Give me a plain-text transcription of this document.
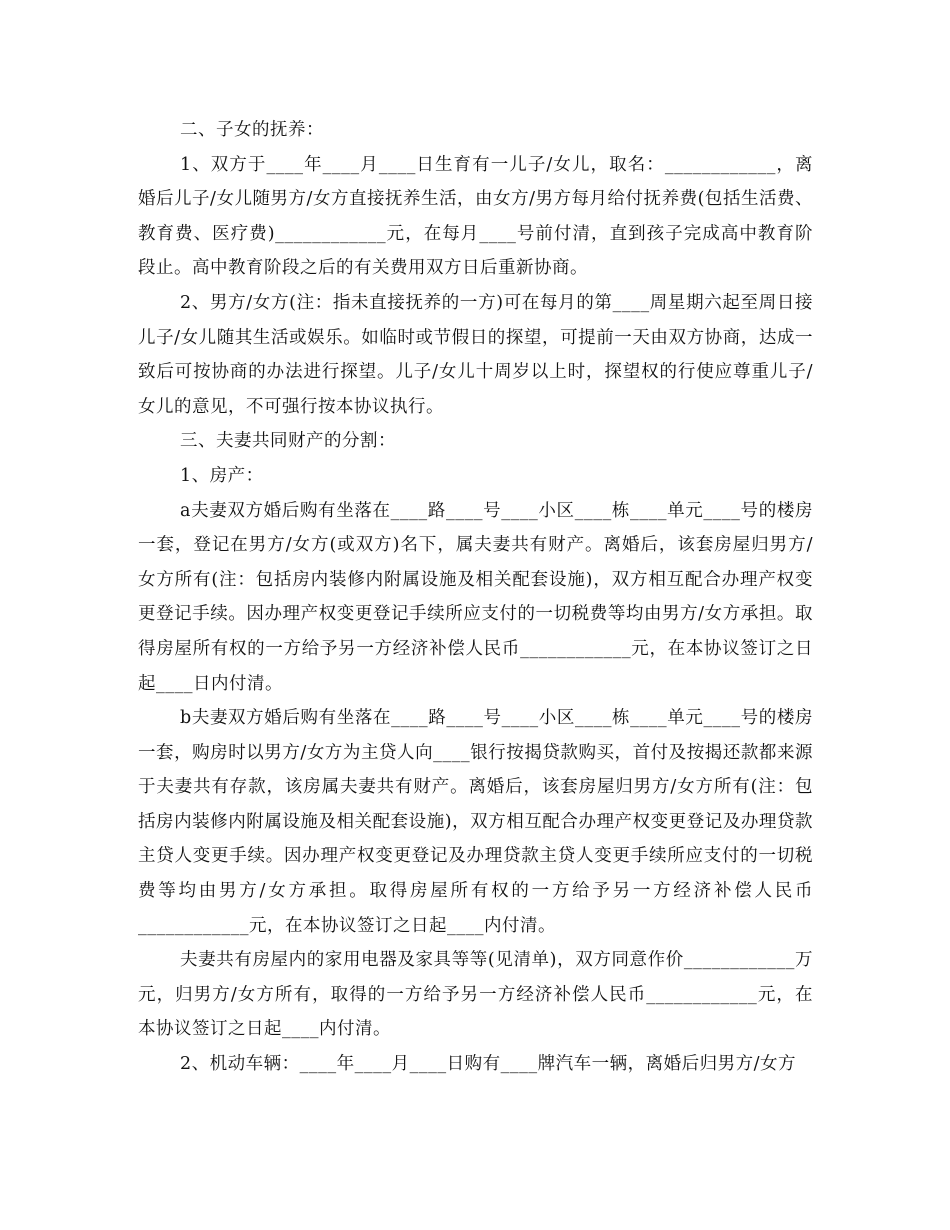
二、子女的抚养：

1、双方于____年____月____日生育有一儿子/女儿，取名：____________，离婚后儿子/女儿随男方/女方直接抚养生活，由女方/男方每月给付抚养费(包括生活费、教育费、医疗费)____________元，在每月____号前付清，直到孩子完成高中教育阶段止。高中教育阶段之后的有关费用双方日后重新协商。

2、男方/女方(注：指未直接抚养的一方)可在每月的第____周星期六起至周日接儿子/女儿随其生活或娱乐。如临时或节假日的探望，可提前一天由双方协商，达成一致后可按协商的办法进行探望。儿子/女儿十周岁以上时，探望权的行使应尊重儿子/女儿的意见，不可强行按本协议执行。

三、夫妻共同财产的分割：

1、房产：

a夫妻双方婚后购有坐落在____路____号____小区____栋____单元____号的楼房一套，登记在男方/女方(或双方)名下，属夫妻共有财产。离婚后，该套房屋归男方/女方所有(注：包括房内装修内附属设施及相关配套设施)，双方相互配合办理产权变更登记手续。因办理产权变更登记手续所应支付的一切税费等均由男方/女方承担。取得房屋所有权的一方给予另一方经济补偿人民币____________元，在本协议签订之日起____日内付清。

b夫妻双方婚后购有坐落在____路____号____小区____栋____单元____号的楼房一套，购房时以男方/女方为主贷人向____银行按揭贷款购买，首付及按揭还款都来源于夫妻共有存款，该房属夫妻共有财产。离婚后，该套房屋归男方/女方所有(注：包括房内装修内附属设施及相关配套设施)，双方相互配合办理产权变更登记及办理贷款主贷人变更手续。因办理产权变更登记及办理贷款主贷人变更手续所应支付的一切税费等均由男方/女方承担。取得房屋所有权的一方给予另一方经济补偿人民币____________元，在本协议签订之日起____内付清。

夫妻共有房屋内的家用电器及家具等等(见清单)，双方同意作价____________万元，归男方/女方所有，取得的一方给予另一方经济补偿人民币____________元，在本协议签订之日起____内付清。

2、机动车辆：____年____月____日购有____牌汽车一辆，离婚后归男方/女方
